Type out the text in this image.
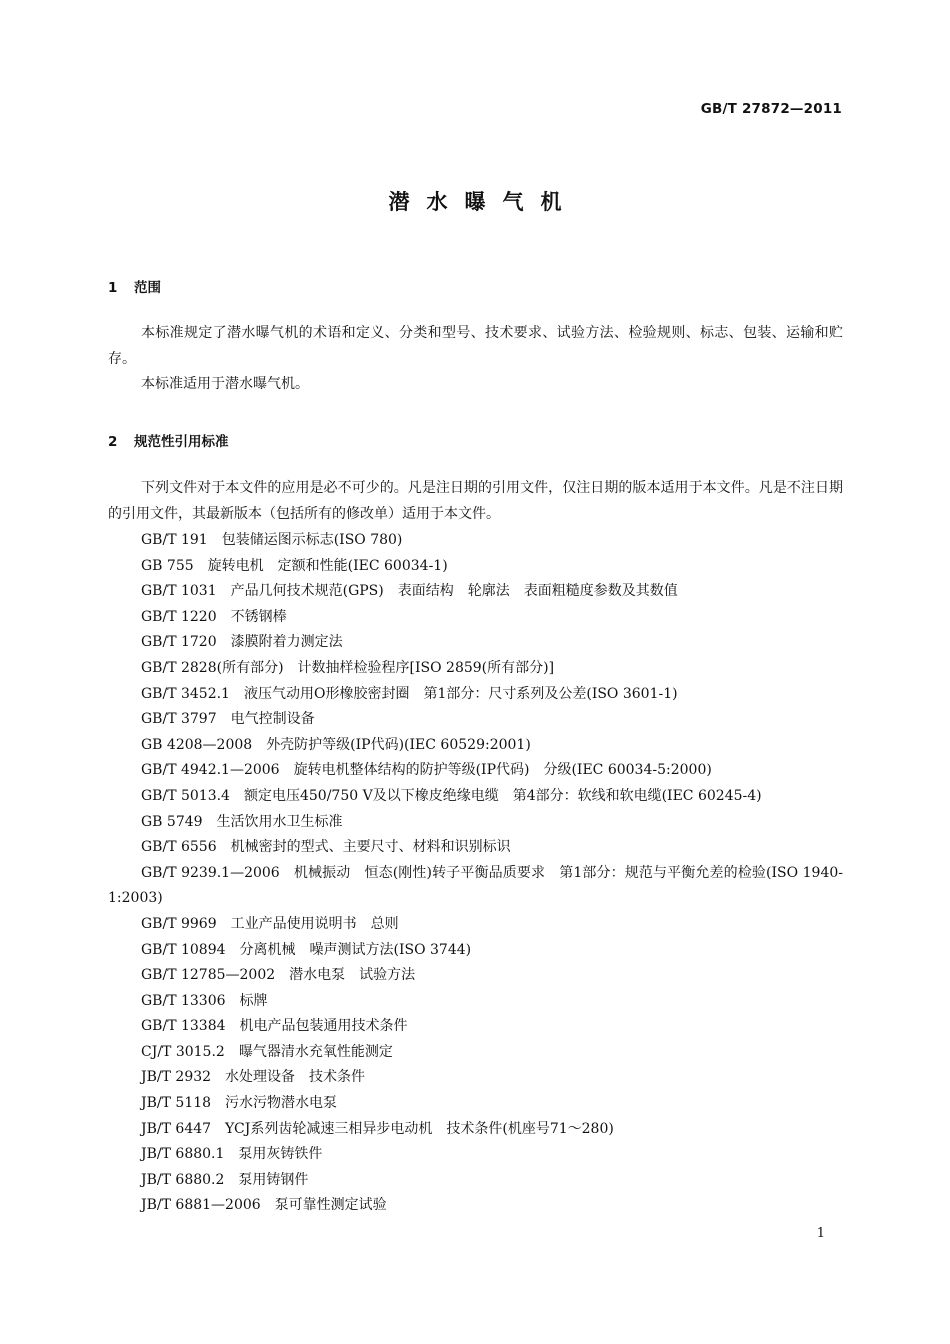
GB/T 27872—2011
潜水曝气机
1 范围

本标准规定了潜水曝气机的术语和定义、分类和型号、技术要求、试验方法、检验规则、标志、包装、运输和贮存。

本标准适用于潜水曝气机。

2 规范性引用标准

下列文件对于本文件的应用是必不可少的。凡是注日期的引用文件，仅注日期的版本适用于本文件。凡是不注日期的引用文件，其最新版本（包括所有的修改单）适用于本文件。

GB/T 191 包装储运图示标志(ISO 780)

GB 755 旋转电机　定额和性能(IEC 60034-1)

GB/T 1031 产品几何技术规范(GPS)　表面结构　轮廓法　表面粗糙度参数及其数值

GB/T 1220 不锈钢棒

GB/T 1720 漆膜附着力测定法

GB/T 2828(所有部分) 计数抽样检验程序[ISO 2859(所有部分)]

GB/T 3452.1 液压气动用O形橡胶密封圈　第1部分：尺寸系列及公差(ISO 3601-1)

GB/T 3797 电气控制设备

GB 4208—2008 外壳防护等级(IP代码)(IEC 60529:2001)

GB/T 4942.1—2006 旋转电机整体结构的防护等级(IP代码)　分级(IEC 60034-5:2000)

GB/T 5013.4 额定电压450/750 V及以下橡皮绝缘电缆　第4部分：软线和软电缆(IEC 60245-4)

GB 5749 生活饮用水卫生标准

GB/T 6556 机械密封的型式、主要尺寸、材料和识别标识

GB/T 9239.1—2006 机械振动　恒态(刚性)转子平衡品质要求　第1部分：规范与平衡允差的检验(ISO 1940-1:2003)

GB/T 9969 工业产品使用说明书　总则

GB/T 10894 分离机械　噪声测试方法(ISO 3744)

GB/T 12785—2002 潜水电泵　试验方法

GB/T 13306 标牌

GB/T 13384 机电产品包装通用技术条件

CJ/T 3015.2 曝气器清水充氧性能测定

JB/T 2932 水处理设备　技术条件

JB/T 5118 污水污物潜水电泵

JB/T 6447 YCJ系列齿轮减速三相异步电动机　技术条件(机座号71～280)

JB/T 6880.1 泵用灰铸铁件

JB/T 6880.2 泵用铸钢件

JB/T 6881—2006 泵可靠性测定试验

1
